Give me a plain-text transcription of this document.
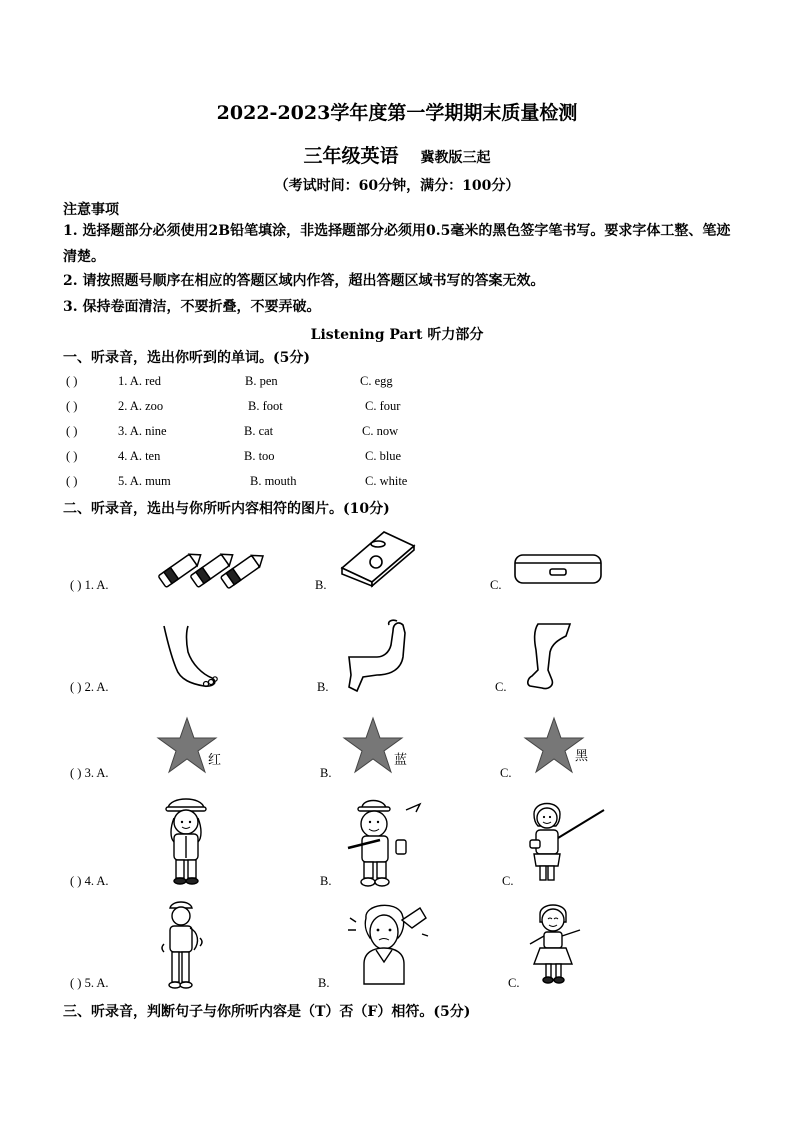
2022-2023学年度第一学期期末质量检测
三年级英语 冀教版三起
（考试时间：60分钟，满分：100分）
注意事项
1. 选择题部分必须使用2B铅笔填涂，非选择题部分必须用0.5毫米的黑色签字笔书写。要求字体工整、笔迹清楚。
2. 请按照题号顺序在相应的答题区域内作答，超出答题区域书写的答案无效。
3. 保持卷面清洁，不要折叠，不要弄破。
Listening Part 听力部分
一、听录音，选出你听到的单词。(5分)
( )	1. A. red	B. pen	C. egg
( )	2. A. zoo	B. foot	C. four
( )	3. A. nine	B. cat	C. now
( )	4. A. ten	B. too	C. blue
( )	5. A. mum	B. mouth	C. white
二、听录音，选出与你所听内容相符的图片。(10分)
( ) 1. A.	B.	C.
( ) 2. A.	B.	C.
( ) 3. A.	B.	C.
红	蓝	黑
( ) 4. A.	B.	C.
( ) 5. A.	B.	C.
三、听录音，判断句子与你所听内容是（T）否（F）相符。(5分)
